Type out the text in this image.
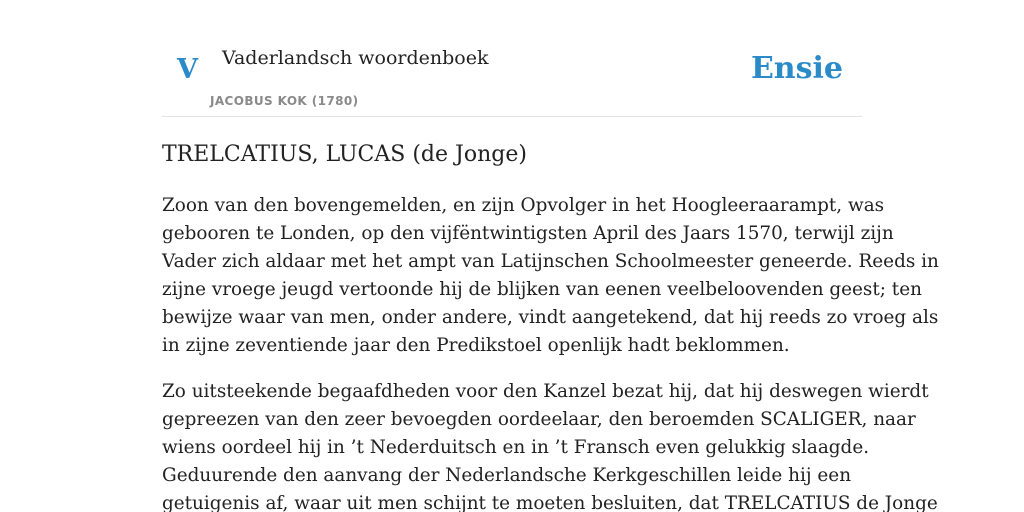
V Vaderlandsch woordenboek
JACOBUS KOK (1780)
Ensie
TRELCATIUS, LUCAS (de Jonge)

Zoon van den bovengemelden, en zijn Opvolger in het Hoogleeraarampt, was
gebooren te Londen, op den vijfëntwintigsten April des Jaars 1570, terwijl zijn
Vader zich aldaar met het ampt van Latijnschen Schoolmeester geneerde. Reeds in
zijne vroege jeugd vertoonde hij de blijken van eenen veelbeloovenden geest; ten
bewijze waar van men, onder andere, vindt aangetekend, dat hij reeds zo vroeg als
in zijne zeventiende jaar den Predikstoel openlijk hadt beklommen.

Zo uitsteekende begaafdheden voor den Kanzel bezat hij, dat hij deswegen wierdt
gepreezen van den zeer bevoegden oordeelaar, den beroemden SCALIGER, naar
wiens oordeel hij in ’t Nederduitsch en in ’t Fransch even gelukkig slaagde.
Geduurende den aanvang der Nederlandsche Kerkgeschillen leide hij een
getuigenis af, waar uit men schijnt te moeten besluiten, dat TRELCATIUS de Jonge
